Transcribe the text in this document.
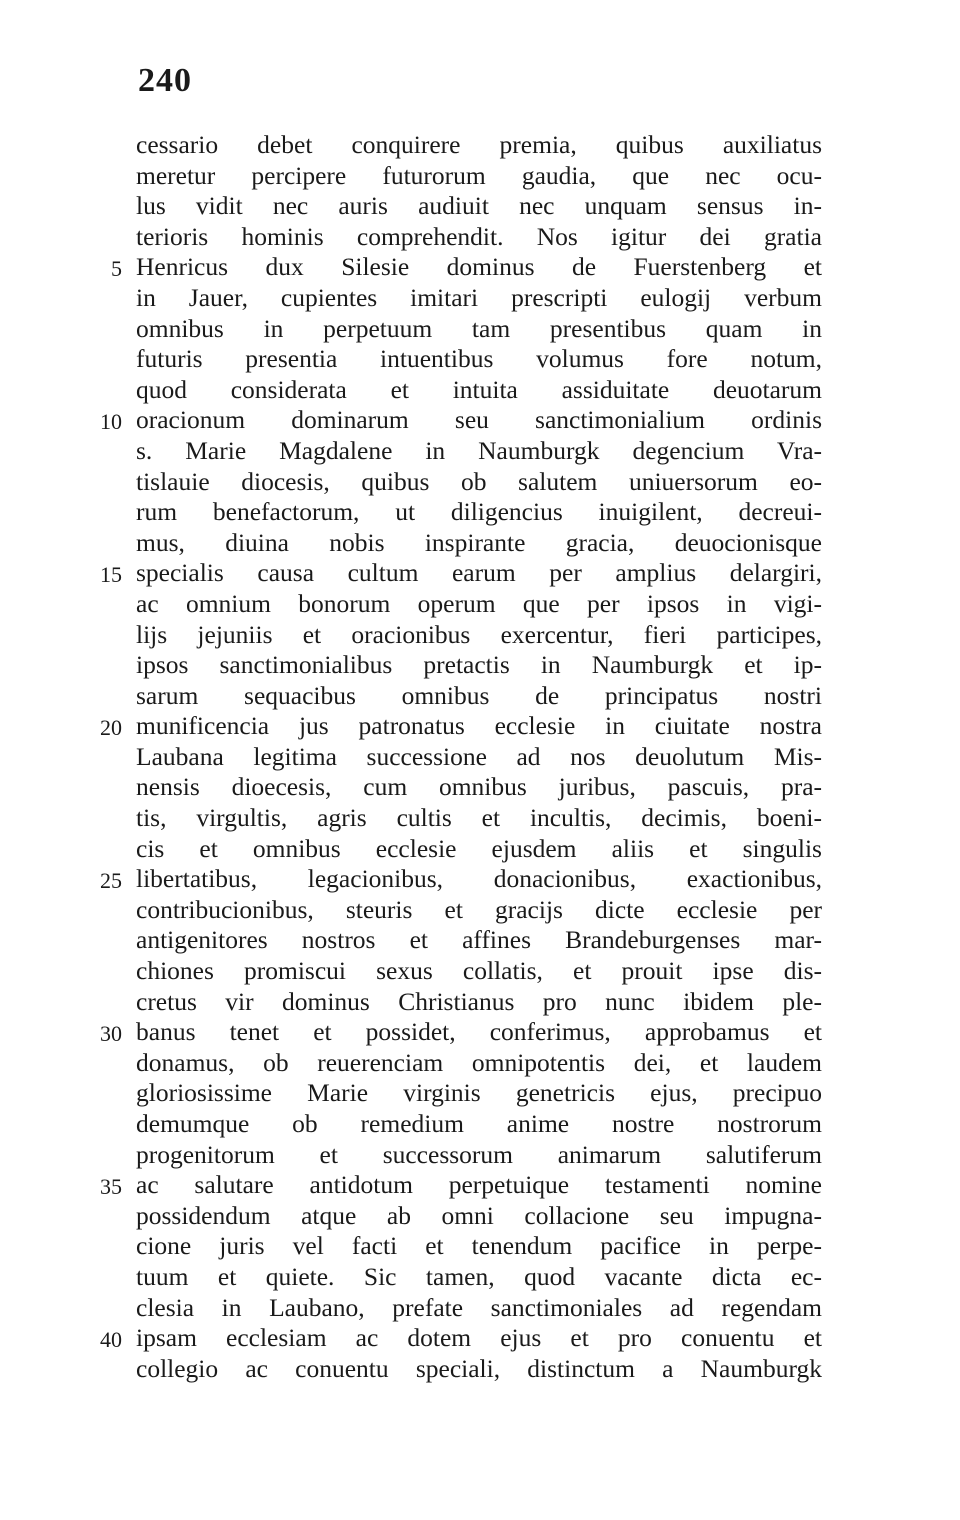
240
cessario debet conquirere premia, quibus auxiliatus
meretur percipere futurorum gaudia, que nec ocu-
lus vidit nec auris audiuit nec unquam sensus in-
terioris hominis comprehendit. Nos igitur dei gratia
5 Henricus dux Silesie dominus de Fuerstenberg et
in Jauer, cupientes imitari prescripti eulogij verbum
omnibus in perpetuum tam presentibus quam in
futuris presentia intuentibus volumus fore notum,
quod considerata et intuita assiduitate deuotarum
10 oracionum dominarum seu sanctimonialium ordinis
s. Marie Magdalene in Naumburgk degencium Vra-
tislauie diocesis, quibus ob salutem uniuersorum eo-
rum benefactorum, ut diligencius inuigilent, decreui-
mus, diuina nobis inspirante gracia, deuocionisque
15 specialis causa cultum earum per amplius delargiri,
ac omnium bonorum operum que per ipsos in vigi-
lijs jejuniis et oracionibus exercentur, fieri participes,
ipsos sanctimonialibus pretactis in Naumburgk et ip-
sarum sequacibus omnibus de principatus nostri
20 munificencia jus patronatus ecclesie in ciuitate nostra
Laubana legitima successione ad nos deuolutum Mis-
nensis dioecesis, cum omnibus juribus, pascuis, pra-
tis, virgultis, agris cultis et incultis, decimis, boeni-
cis et omnibus ecclesie ejusdem aliis et singulis
25 libertatibus, legacionibus, donacionibus, exactionibus,
contribucionibus, steuris et gracijs dicte ecclesie per
antigenitores nostros et affines Brandeburgenses mar-
chiones promiscui sexus collatis, et prouit ipse dis-
cretus vir dominus Christianus pro nunc ibidem ple-
30 banus tenet et possidet, conferimus, approbamus et
donamus, ob reuerenciam omnipotentis dei, et laudem
gloriosissime Marie virginis genetricis ejus, precipuo
demumque ob remedium anime nostre nostrorum
progenitorum et successorum animarum salutiferum
35 ac salutare antidotum perpetuique testamenti nomine
possidendum atque ab omni collacione seu impugna-
cione juris vel facti et tenendum pacifice in perpe-
tuum et quiete. Sic tamen, quod vacante dicta ec-
clesia in Laubano, prefate sanctimoniales ad regendam
40 ipsam ecclesiam ac dotem ejus et pro conuentu et
collegio ac conuentu speciali, distinctum a Naumburgk
